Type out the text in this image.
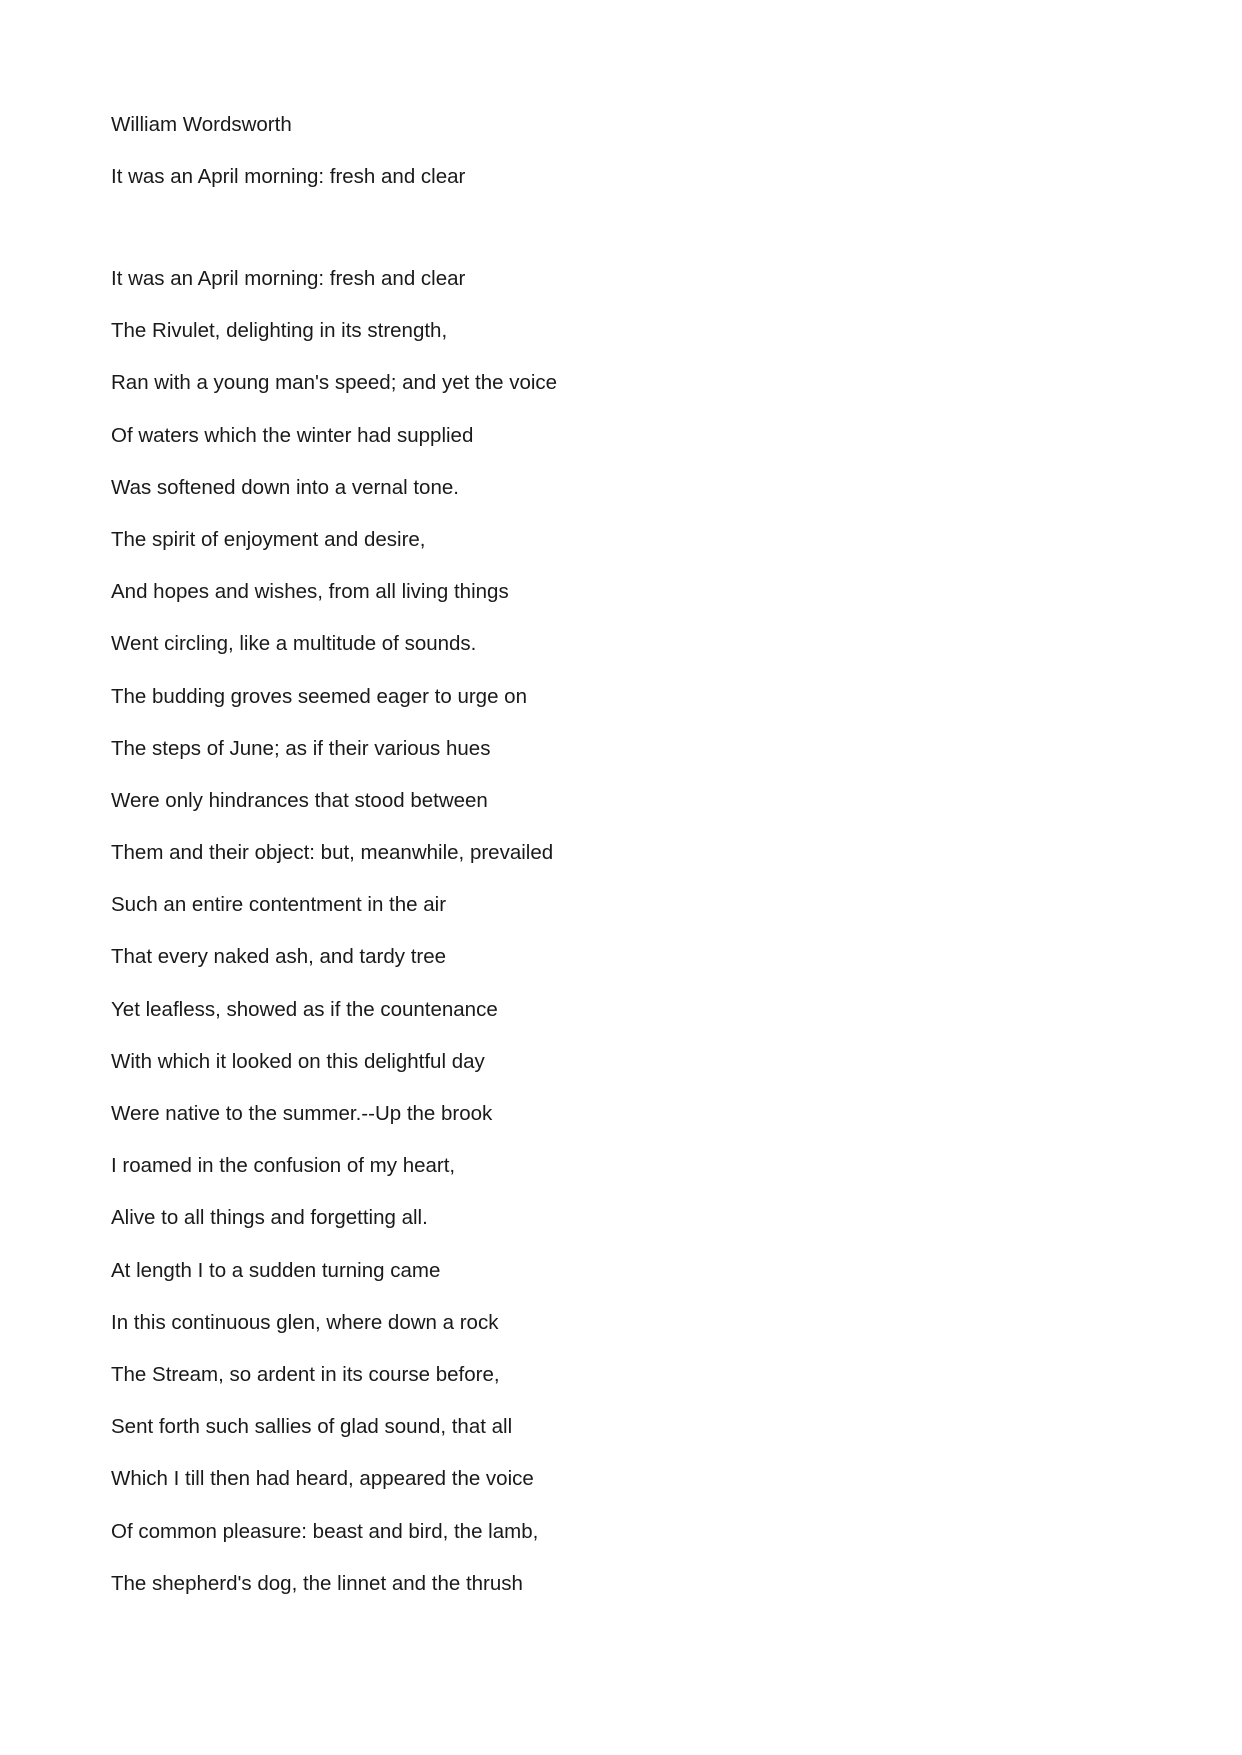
William Wordsworth
It was an April morning: fresh and clear
It was an April morning: fresh and clear
The Rivulet, delighting in its strength,
Ran with a young man's speed; and yet the voice
Of waters which the winter had supplied
Was softened down into a vernal tone.
The spirit of enjoyment and desire,
And hopes and wishes, from all living things
Went circling, like a multitude of sounds.
The budding groves seemed eager to urge on
The steps of June; as if their various hues
Were only hindrances that stood between
Them and their object: but, meanwhile, prevailed
Such an entire contentment in the air
That every naked ash, and tardy tree
Yet leafless, showed as if the countenance
With which it looked on this delightful day
Were native to the summer.--Up the brook
I roamed in the confusion of my heart,
Alive to all things and forgetting all.
At length I to a sudden turning came
In this continuous glen, where down a rock
The Stream, so ardent in its course before,
Sent forth such sallies of glad sound, that all
Which I till then had heard, appeared the voice
Of common pleasure: beast and bird, the lamb,
The shepherd's dog, the linnet and the thrush
